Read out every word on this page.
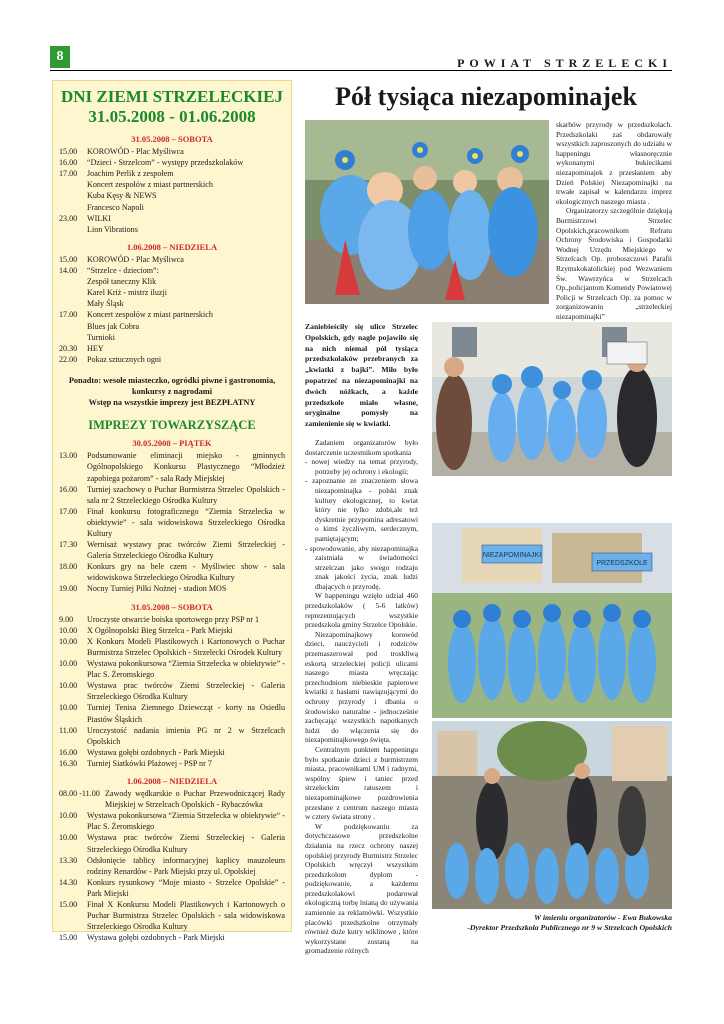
8	POWIAT STRZELECKI
DNI ZIEMI STRZELECKIEJ
31.05.2008 - 01.06.2008
31.05.2008 – SOBOTA
15.00	KOROWÓD - Plac Myśliwca
16.00	“Dzieci - Strzelcom” - występy przedszkolaków
17.00	Joachim Perlik z zespołem
Koncert zespołów z miast partnerskich
Kuba Kęsy & NEWS
Francesco Napoli
23.00	WILKI
Lion Vibrations
1.06.2008 – NIEDZIELA
15.00	KOROWÓD - Plac Myśliwca
14.00	“Strzelce - dzieciom”:
Zespół taneczny Klik
Karel Kriż - mistrz iluzji
Mały Śląsk
17.00	Koncert zespołów z miast partnerskich
Blues jak Cobra
Turnioki
20.30	HEY
22.00	Pokaz sztucznych ogni
Ponadto: wesołe miasteczko, ogródki piwne i gastronomia,
konkursy z nagrodami
Wstęp na wszystkie imprezy jest BEZPŁATNY
IMPREZY TOWARZYSZĄCE
30.05.2008 – PIĄTEK
13.00	Podsumowanie eliminacji miejsko - gminnych Ogólnopolskiego Konkursu Plastycznego “Młodzież zapobiega pożarom” - sala Rady Miejskiej
16.00	Turniej szachowy o Puchar Burmistrza Strzelec Opolskich - sala nr 2 Strzeleckiego Ośrodka Kultury
17.00	Finał konkursu fotograficznego “Ziemia Strzelecka w obiektywie” - sala widowiskowa Strzeleckiego Ośrodka Kultury
17.30	Wernisaż wystawy prac twórców Ziemi Strzeleckiej - Galeria Strzeleckiego Ośrodka Kultury
18.00	Konkurs gry na bele czem - Myśliwiec show - sala widowiskowa Strzeleckiego Ośrodka Kultury
19.00	Nocny Turniej Piłki Nożnej - stadion MOS
31.05.2008 – SOBOTA
9.00	Uroczyste otwarcie boiska sportowego przy PSP nr 1
10.00	X Ogólnopolski Bieg Strzelca - Park Miejski
10.00	X Konkurs Modeli Plastikowych i Kartonowych o Puchar Burmistrza Strzelec Opolskich - Strzelecki Ośrodek Kultury
10.00	Wystawa pokonkursowa “Ziemia Strzelecka w obiektywie” - Plac S. Żeromskiego
10.00	Wystawa prac twórców Ziemi Strzeleckiej - Galeria Strzeleckiego Ośrodka Kultury
10.00	Turniej Tenisa Ziemnego Dziewcząt - korty na Osiedlu Piastów Śląskich
11.00	Uroczystość nadania imienia PG nr 2 w Strzelcach Opolskich
16.00	Wystawa gołębi ozdobnych - Park Miejski
16.30	Turniej Siatkówki Plażowej - PSP nr 7
1.06.2008 – NIEDZIELA
08.00 -11.00 Zawody wędkarskie o Puchar Przewodniczącej Rady Miejskiej w Strzelcach Opolskich - Rybaczówka
10.00	Wystawa pokonkursowa “Ziemia Strzelecka w obiektywie“ - Plac S. Żeromskiego
10.00	Wystawa prac twórców Ziemi Strzeleckiej - Galeria Strzeleckiego Ośrodka Kultury
13.30	Odsłonięcie tablicy informacyjnej kaplicy mauzoleum rodziny Renardów - Park Miejski przy ul. Opolskiej
14.30	Konkurs rysunkowy “Moje miasto - Strzelce Opolskie” - Park Miejski
15.00	Finał X Konkursu Modeli Plastikowych i Kartonowych o Puchar Burmistrza Strzelec Opolskich - sala widowiskowa Strzeleckiego Ośrodka Kultury
15.00	Wystawa gołębi ozdobnych - Park Miejski
Pół tysiąca niezapominajek
Zaniebieściły się ulice Strzelec Opolskich, gdy nagle pojawiło się na nich niemal pół tysiąca przedszkolaków przebranych za „kwiatki z bajki”. Miło było popatrzeć na niezapominajki na dwóch nóżkach, a każde przedszkole miało własne, oryginalne pomysły na zamienienie się w kwiatki.

Zadaniem organizatorów było dostarczenie uczestnikom spotkania

- nowej wiedzy na temat przyrody, potrzeby jej ochrony i ekologii;
- zapoznanie ze znaczeniem słowa niezapominajka - polski znak kultury ekologicznej, to kwiat który nie tylko zdobi,ale też dyskretnie przypomina adresatowi o kimś życzliwym, serdecznym, pamiętającym;
- spowodowanie, aby niezapominajka zaistniała w świadomości strzelczan jako swego rodzaju znak jakości życia, znak ludzi dbających o przyrodę.

W happeningu wzięło udział 460 przedszkolaków ( 5-6 latków) reprezentujących wszystkie przedszkola gminy Strzelce Opolskie.

Niezapominajkowy korowód dzieci, nauczycieli i rodziców przemaszerował pod troskliwą eskortą strzeleckiej policji ulicami naszego miasta wręczając przechodniom niebieskie papierowe kwiatki z hasłami nawiązującymi do ochrony przyrody i dbania o środowisko naturalne - jednocześnie zachęcając wszystkich napotkanych ludzi do włączenia się do niezapominajkowego święta.

Centralnym punktem happeningu było spotkanie dzieci z burmistrzem miasta, pracownikami UM i radnymi, wspólny śpiew i taniec przed strzeleckim ratuszem i niezapominajkowe pozdrowienia przesłane z centrum naszego miasta w cztery świata strony .

W podziękowaniu za dotychczasowe przedszkolne działania na rzecz ochrony naszej opolskiej przyrody Burmistrz Strzelec Opolskich wręczył wszystkim przedszkolom dyplom - podziękowanie, a każdemu przedszkolakowi podarował ekologiczną torbę lnianą do używania zamiennie za reklamówki. Wszystkie placówki przedszkolne otrzymały również duże kutry wiklinowe , które wykorzystane zostaną na gromadzenie różnych

skarbów przyrody w przedszkolach. Przedszkolaki zaś obdarowały wszystkich zaproszonych do udziału w happeningu własnoręcznie wykonanymi bukiecikami niezapominajek z przesłaniem aby Dzień Polskiej Niezapominajki na trwałe zapisał w kalendarzu imprez ekologicznych naszego miasta .

Organizatorzy szczególnie dziękują Burmistrzowi Strzelec Opolskich,pracownikom Refratu Ochrony Środowiska i Gospodarki Wodnej Urzędu Miejskiego w Strzelcach Op. proboszczowi Parafii Rzymskokatolickiej pod Wezwaniem Św. Wawrzyńca w Strzelcach Op.,policjantom Komendy Powiatowej Policji w Strzelcach Op. za pomoc w zorganizowaniu „strzeleckiej niezapominajki”

NIEZAPOMINAJKI
PRZEDSZKOLE
W imieniu organizatorów - Ewa Bukowska
-Dyrektor Przedszkola Publicznego nr 9 w Strzelcach Opolskich
